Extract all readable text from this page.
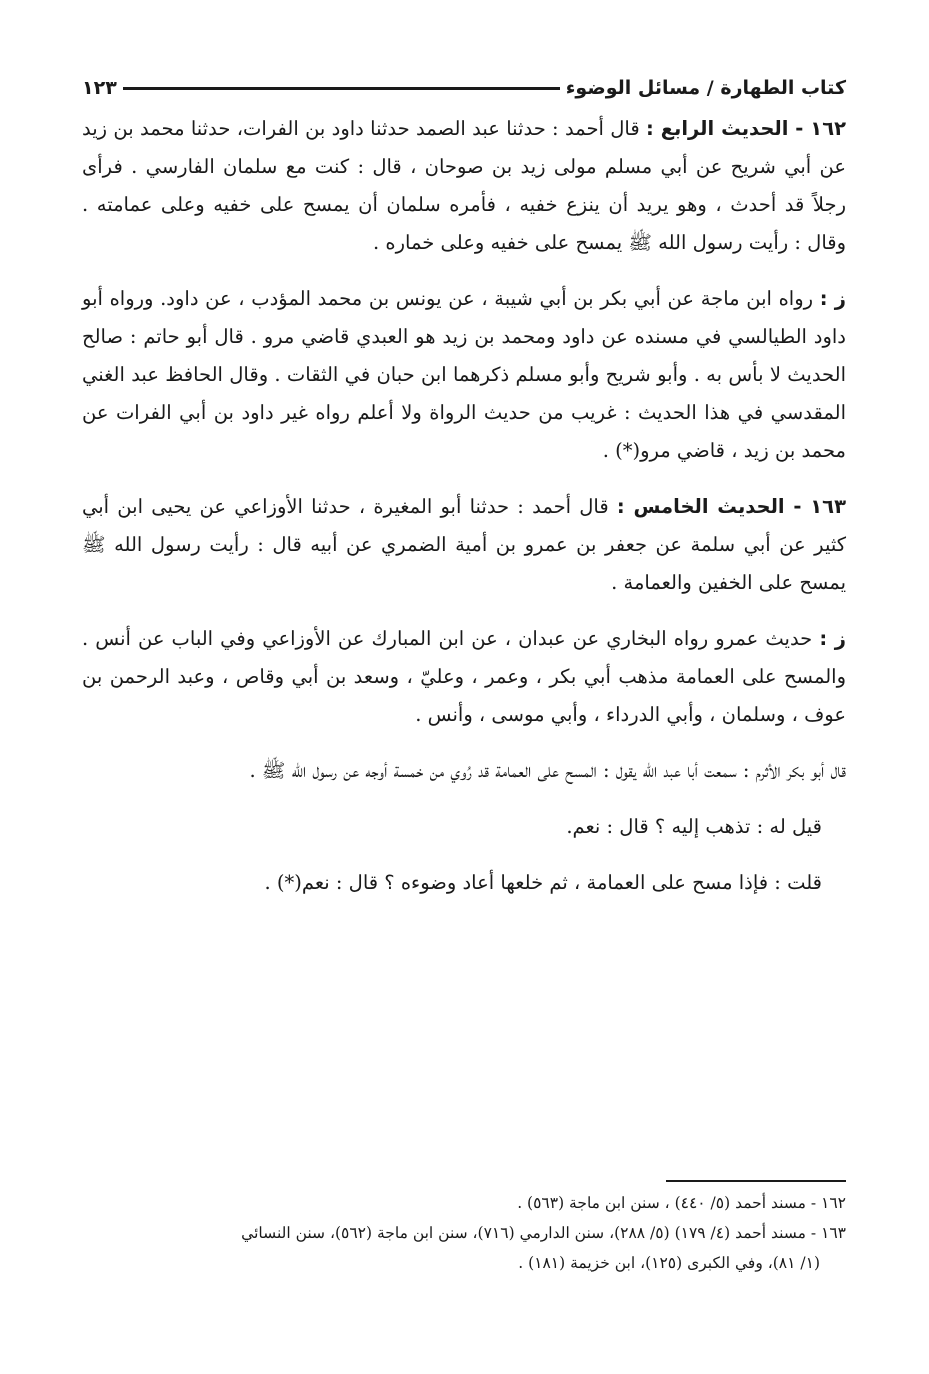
كتاب الطهارة / مسائل الوضوء
١٢٣

١٦٢ - الحديث الرابع : قال أحمد : حدثنا عبد الصمد حدثنا داود بن الفرات، حدثنا محمد بن زيد عن أبي شريح عن أبي مسلم مولى زيد بن صوحان ، قال : كنت مع سلمان الفارسي . فرأى رجلاً قد أحدث ، وهو يريد أن ينزع خفيه ، فأمره سلمان أن يمسح على خفيه وعلى عمامته . وقال : رأيت رسول الله ﷺ يمسح على خفيه وعلى خماره .

ز : رواه ابن ماجة عن أبي بكر بن أبي شيبة ، عن يونس بن محمد المؤدب ، عن داود. ورواه أبو داود الطيالسي في مسنده عن داود ومحمد بن زيد هو العبدي قاضي مرو . قال أبو حاتم : صالح الحديث لا بأس به . وأبو شريح وأبو مسلم ذكرهما ابن حبان في الثقات . وقال الحافظ عبد الغني المقدسي في هذا الحديث : غريب من حديث الرواة ولا أعلم رواه غير داود بن أبي الفرات عن محمد بن زيد ، قاضي مرو(*) .

١٦٣ - الحديث الخامس : قال أحمد : حدثنا أبو المغيرة ، حدثنا الأوزاعي عن يحيى ابن أبي كثير عن أبي سلمة عن جعفر بن عمرو بن أمية الضمري عن أبيه قال : رأيت رسول الله ﷺ يمسح على الخفين والعمامة .

ز : حديث عمرو رواه البخاري عن عبدان ، عن ابن المبارك عن الأوزاعي وفي الباب عن أنس . والمسح على العمامة مذهب أبي بكر ، وعمر ، وعليّ ، وسعد بن أبي وقاص ، وعبد الرحمن بن عوف ، وسلمان ، وأبي الدرداء ، وأبي موسى ، وأنس .

قال أبو بكر الأثرم : سمعت أبا عبد الله يقول : المسح على العمامة قد رُوي من خمسة أوجه عن رسول الله ﷺ .

قيل له : تذهب إليه ؟ قال : نعم.
قلت : فإذا مسح على العمامة ، ثم خلعها أعاد وضوءه ؟ قال : نعم(*) .

١٦٢ - مسند أحمد (٥/ ٤٤٠) ، سنن ابن ماجة (٥٦٣) .

١٦٣ - مسند أحمد (٤/ ١٧٩) (٥/ ٢٨٨)، سنن الدارمي (٧١٦)، سنن ابن ماجة (٥٦٢)، سنن النسائي

(١/ ٨١)، وفي الكبرى (١٢٥)، ابن خزيمة (١٨١) .
